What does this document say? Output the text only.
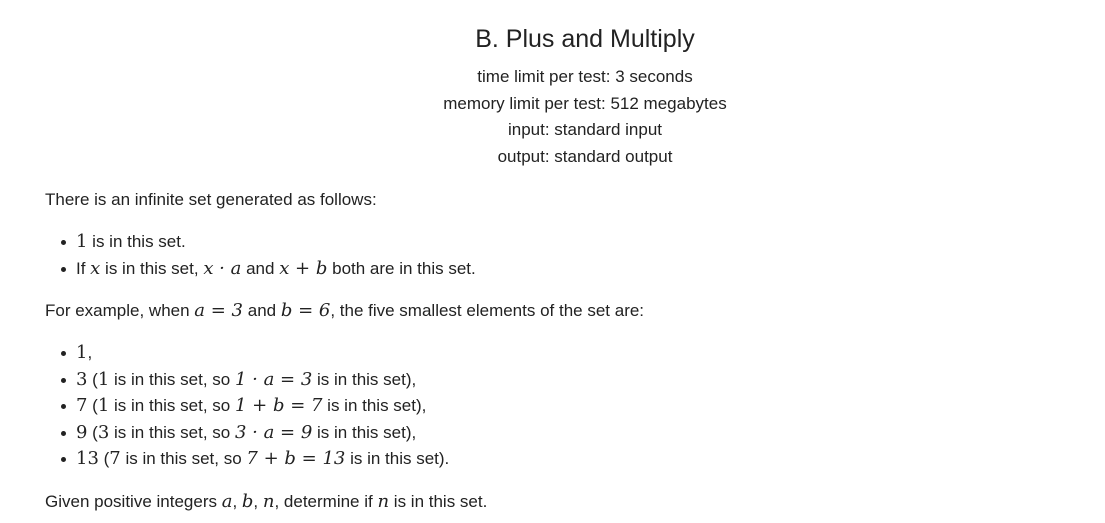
B. Plus and Multiply
time limit per test: 3 seconds
memory limit per test: 512 megabytes
input: standard input
output: standard output

There is an infinite set generated as follows:

1 is in this set.
If x is in this set, x · a and x + b both are in this set.

For example, when a = 3 and b = 6, the five smallest elements of the set are:

1,
3 (1 is in this set, so 1 · a = 3 is in this set),
7 (1 is in this set, so 1 + b = 7 is in this set),
9 (3 is in this set, so 3 · a = 9 is in this set),
13 (7 is in this set, so 7 + b = 13 is in this set).

Given positive integers a, b, n, determine if n is in this set.
